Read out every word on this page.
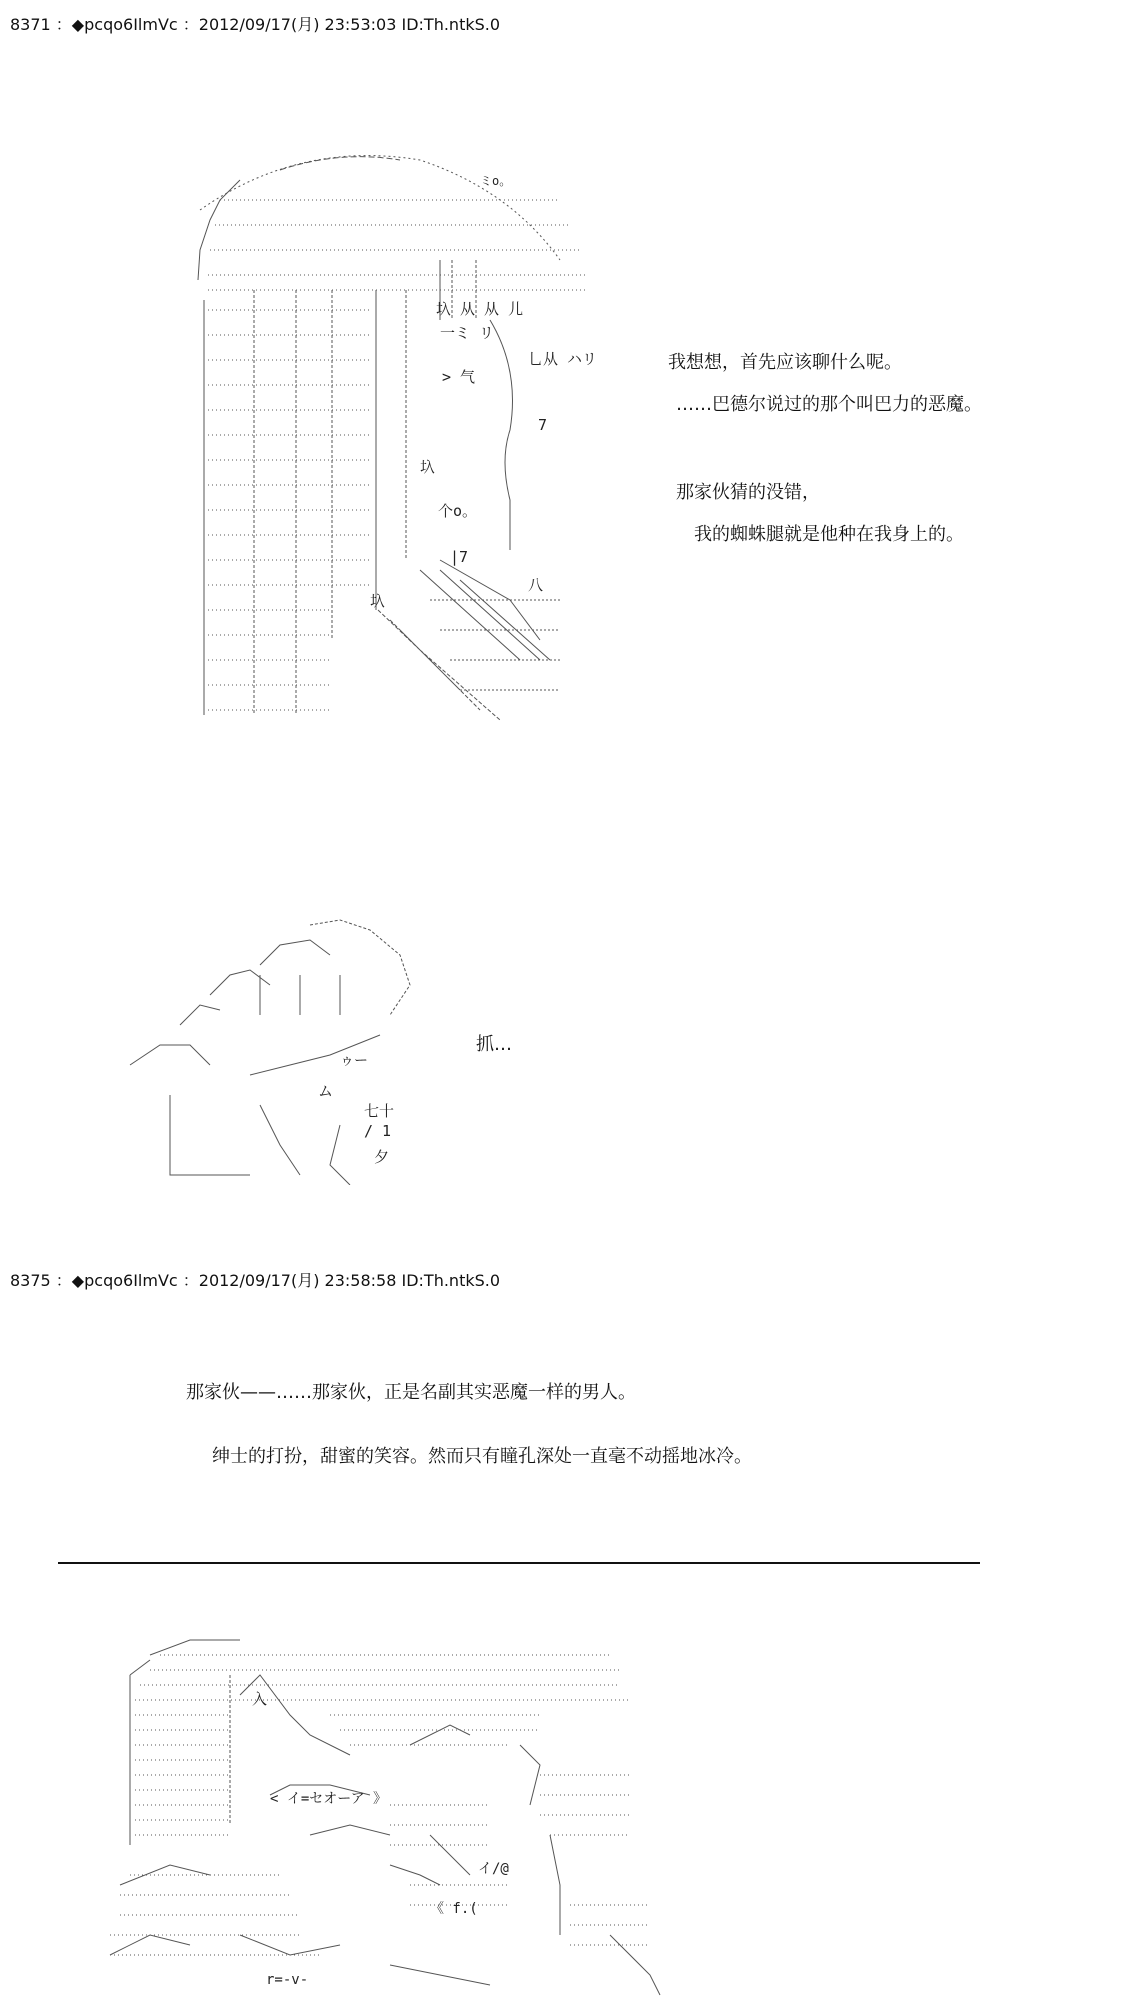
8371 ：◆pcqo6IlmVc ：2012/09/17(月) 23:53:03 ID:Th.ntkS.0
ミo。
圦 从 从 儿
一ミ リ
乚从 ハリ
> 气
7
圦
个o。
|7
八
圦
我想想，首先应该聊什么呢。
……巴德尔说过的那个叫巴力的恶魔。
那家伙猜的没错，
我的蜘蛛腿就是他种在我身上的。
ゥー
ム
七十
/ 1
夕
抓…
8375 ：◆pcqo6IlmVc ：2012/09/17(月) 23:58:58 ID:Th.ntkS.0
那家伙——……那家伙，正是名副其实恶魔一样的男人。
绅士的打扮，甜蜜的笑容。然而只有瞳孔深处一直毫不动摇地冰冷。
入
< イ=セオーア 》
イ/@
《 f.(
r=-v-
